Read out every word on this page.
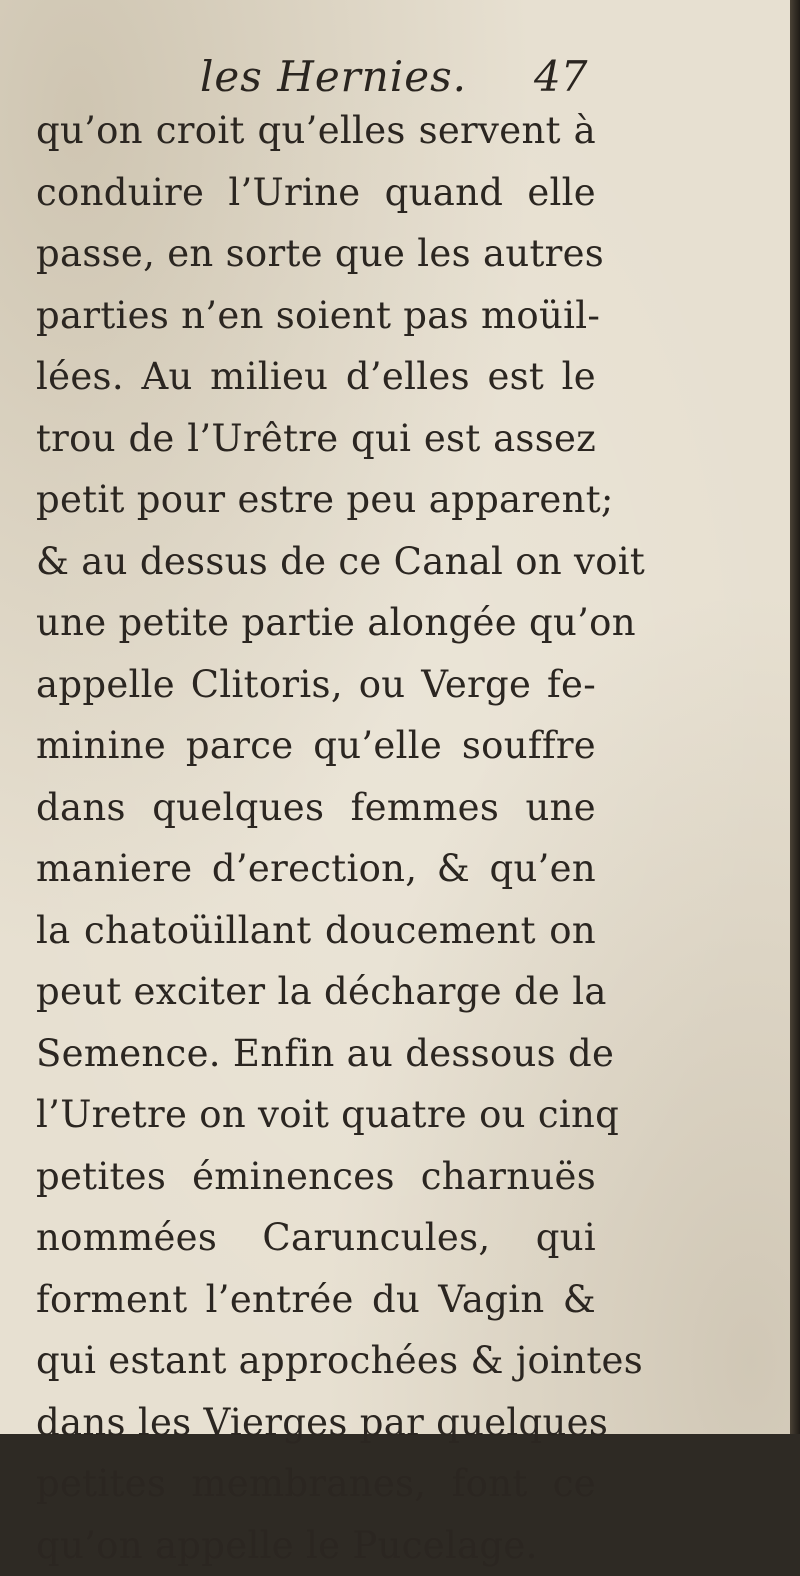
les Hernies. 47
qu’on croit qu’elles servent à
conduire l’Urine quand elle
passe, en sorte que les autres
parties n’en soient pas moüil-
lées. Au milieu d’elles est le
trou de l’Urêtre qui est assez
petit pour estre peu apparent;
& au dessus de ce Canal on voit
une petite partie alongée qu’on
appelle Clitoris, ou Verge fe-
minine parce qu’elle souffre
dans quelques femmes une
maniere d’erection, & qu’en
la chatoüillant doucement on
peut exciter la décharge de la
Semence. Enfin au dessous de
l’Uretre on voit quatre ou cinq
petites éminences charnuës
nommées Caruncules, qui
forment l’entrée du Vagin &
qui estant approchées & jointes
dans les Vierges par quelques
petites membranes, font ce
qu’on appelle le Pucelage.
